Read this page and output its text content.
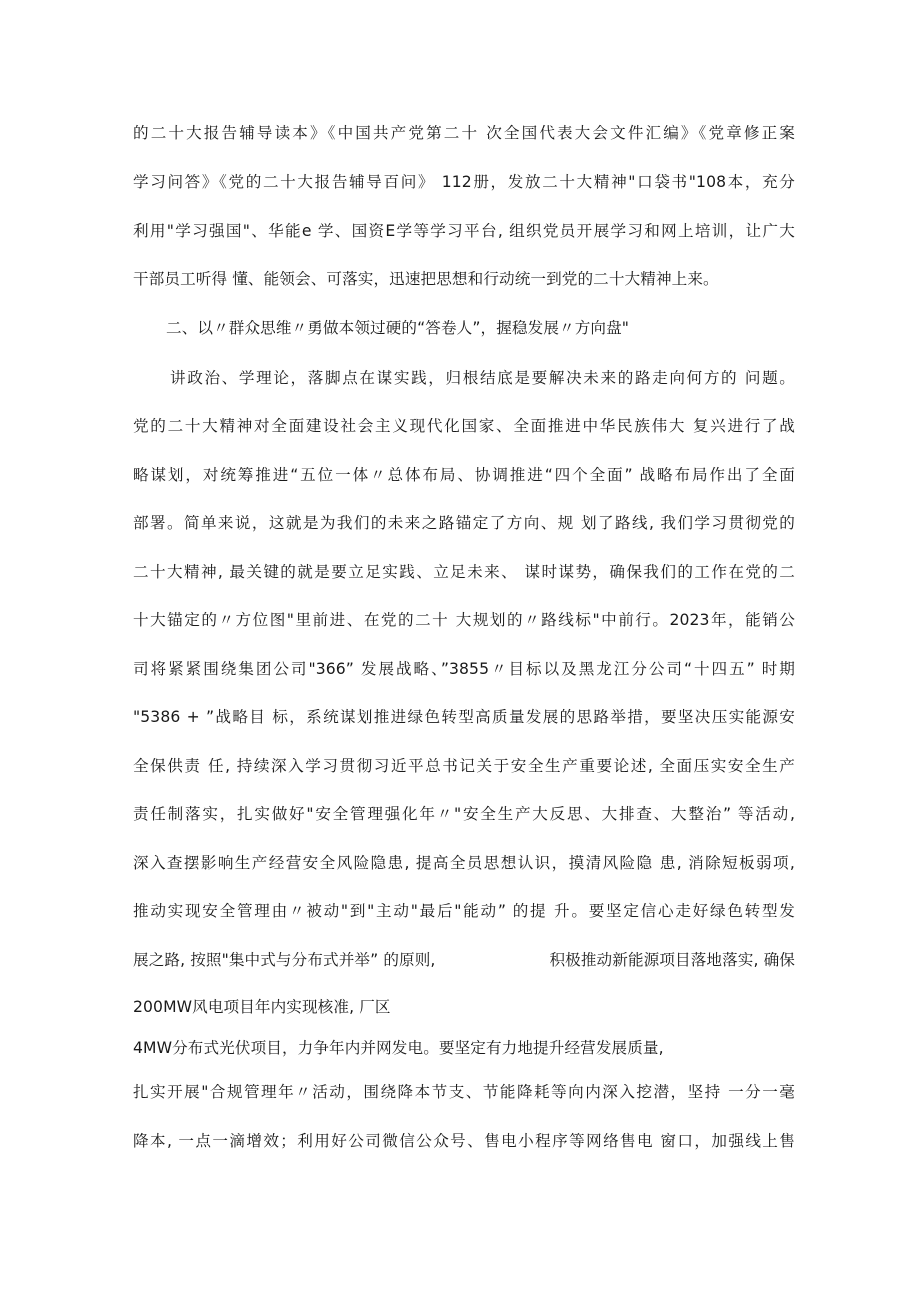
的二十大报告辅导读本》《中国共产党第二十 次全国代表大会文件汇编》《党章修正案
学习问答》《党的二十大报告辅导百问》 112册，发放二十大精神"口袋书"108本，充分
利用"学习强国"、华能e 学、国资E学等学习平台, 组织党员开展学习和网上培训，让广大
干部员工听得 懂、能领会、可落实，迅速把思想和行动统一到党的二十大精神上来。
二、以〃群众思维〃勇做本领过硬的“答卷人”，握稳发展〃方向盘"
讲政治、学理论，落脚点在谋实践，归根结底是要解决未来的路走向何方的 问题。
党的二十大精神对全面建设社会主义现代化国家、全面推进中华民族伟大 复兴进行了战
略谋划，对统筹推进“五位一体〃总体布局、协调推进“四个全面” 战略布局作出了全面
部署。简单来说，这就是为我们的未来之路锚定了方向、规 划了路线, 我们学习贯彻党的
二十大精神, 最关键的就是要立足实践、立足未来、 谋时谋势，确保我们的工作在党的二
十大锚定的〃方位图"里前进、在党的二十 大规划的〃路线标"中前行。2023年，能销公
司将紧紧围绕集团公司"366” 发展战略、”3855〃目标以及黑龙江分公司“十四五” 时期
"5386 + ”战略目 标，系统谋划推进绿色转型高质量发展的思路举措，要坚决压实能源安
全保供责 任, 持续深入学习贯彻习近平总书记关于安全生产重要论述, 全面压实安全生产
责任制落实，扎实做好"安全管理强化年〃"安全生产大反思、大排查、大整治” 等活动,
深入查摆影响生产经营安全风险隐患, 提高全员思想认识，摸清风险隐 患, 消除短板弱项,
推动实现安全管理由〃被动"到"主动"最后"能动” 的提 升。要坚定信心走好绿色转型发
展之路, 按照"集中式与分布式并举” 的原则,	积极推动新能源项目落地落实, 确保
200MW风电项目年内实现核准, 厂区
4MW分布式光伏项目，力争年内并网发电。要坚定有力地提升经营发展质量,
扎实开展"合规管理年〃活动，围绕降本节支、节能降耗等向内深入挖潜，坚持 一分一毫
降本, 一点一滴增效；利用好公司微信公众号、售电小程序等网络售电 窗口，加强线上售
